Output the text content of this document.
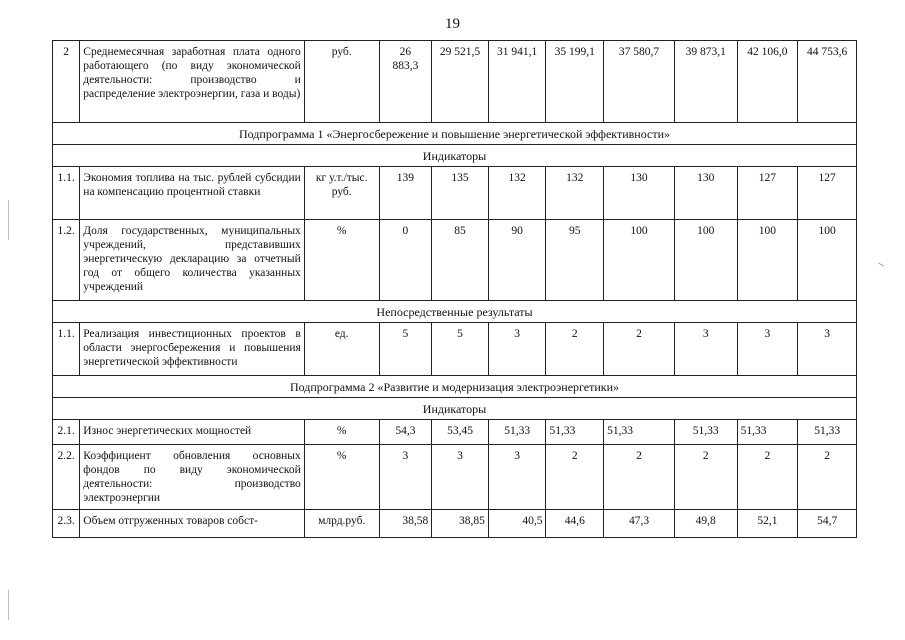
19
2	Среднемесячная заработная плата одного работающего (по виду экономической деятельности: производство и распределение электроэнергии, газа и воды)	руб.	26 883,3	29 521,5	31 941,1	35 199,1	37 580,7	39 873,1	42 106,0	44 753,6
Подпрограмма 1 «Энергосбережение и повышение энергетической эффективности»										
Индикаторы										
1.1.	Экономия топлива на тыс. рублей субсидии на компенсацию процентной ставки	кг у.т./тыс. руб.	139	135	132	132	130	130	127	127
1.2.	Доля государственных, муниципальных учреждений, представивших энергетическую декларацию за отчетный год от общего количества указанных учреждений	%	0	85	90	95	100	100	100	100
Непосредственные результаты										
1.1.	Реализация инвестиционных проектов в области энергосбережения и повышения энергетической эффективности	ед.	5	5	3	2	2	3	3	3
Подпрограмма 2 «Развитие и модернизация электроэнергетики»										
Индикаторы										
2.1.	Износ энергетических мощностей	%	54,3	53,45	51,33	51,33	51,33	51,33	51,33	51,33
2.2.	Коэффициент обновления основных фондов по виду экономической деятельности: производство электроэнергии	%	3	3	3	2	2	2	2	2
2.3.	Объем отгруженных товаров собст-	млрд.руб.	38,58	38,85	40,5	44,6	47,3	49,8	52,1	54,7
